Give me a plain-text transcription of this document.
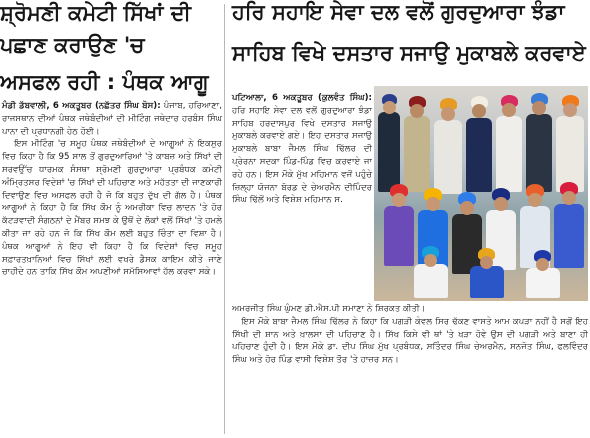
ਸ਼੍ਰੋਮਣੀ ਕਮੇਟੀ ਸਿੱਖਾਂ ਦੀ

ਪਛਾਣ ਕਰਾਉਣ 'ਚ

ਅਸਫਲ ਰਹੀ : ਪੰਥਕ ਆਗੂ

ਮੰਡੀ ਡੱਬਵਾਲੀ, 6 ਅਕਤੂਬਰ (ਨਛੱਤਰ ਸਿੰਘ ਬੋਸ): ਪੰਜਾਬ, ਹਰਿਆਣਾ, ਰਾਜਸਥਾਨ ਦੀਆਂ ਪੰਥਕ ਜਥੇਬੰਦੀਆਂ ਦੀ ਮੀਟਿੰਗ ਜਥੇਦਾਰ ਹਰਬੰਸ ਸਿੰਘ ਪਾਨਾ ਦੀ ਪ੍ਰਧਾਨਗੀ ਹੇਠ ਹੋਈ।
ਇਸ ਮੀਟਿੰਗ 'ਚ ਸਮੂਹ ਪੰਥਕ ਜਥੇਬੰਦੀਆਂ ਦੇ ਆਗੂਆਂ ਨੇ ਇਕਸੁਰ ਵਿਚ ਕਿਹਾ ਹੈ ਕਿ 95 ਸਾਲ ਤੋਂ ਗੁਰਦੁਆਰਿਆਂ 'ਤੇ ਕਾਬਜ਼ ਅਤੇ ਸਿੱਖਾਂ ਦੀ ਸਰਵਉੱਚ ਧਾਰਮਕ ਸੰਸਥਾ ਸ਼੍ਰੋਮਣੀ ਗੁਰਦੁਆਰਾ ਪ੍ਰਬੰਧਕ ਕਮੇਟੀ ਅੰਮ੍ਰਿਤਸਰ ਵਿਦੇਸ਼ਾਂ 'ਚ ਸਿੱਖਾਂ ਦੀ ਪਹਿਚਾਣ ਅਤੇ ਮਹੱਤਤਾ ਦੀ ਜਾਣਕਾਰੀ ਦਿਵਾਉਣ ਵਿਚ ਅਸਫਲ ਰਹੀ ਹੈ ਜੋ ਕਿ ਬਹੁਤ ਦੁੱਖ ਦੀ ਗੱਲ ਹੈ। ਪੰਥਕ ਆਗੂਆਂ ਨੇ ਕਿਹਾ ਹੈ ਕਿ ਸਿੱਖ ਕੌਮ ਨੂੰ ਅਮਰੀਕਾ ਵਿਚ ਲਾਦਨ 'ਤੇ ਹੋਰ ਕੱਟੜਵਾਦੀ ਸੰਗਠਨਾਂ ਦੇ ਮੈਂਬਰ ਸਮਝ ਕੇ ਉਥੋਂ ਦੇ ਲੋਕਾਂ ਵਲੋਂ ਸਿੱਖਾਂ 'ਤੇ ਹਮਲੇ ਕੀਤਾ ਜਾ ਰਹੇ ਹਨ ਜੋ ਕਿ ਸਿੱਖ ਕੌਮ ਲਈ ਬਹੁਤ ਚਿੰਤਾ ਦਾ ਵਿਸ਼ਾ ਹੈ। ਪੰਥਕ ਆਗੂਆਂ ਨੇ ਇਹ ਵੀ ਕਿਹਾ ਹੈ ਕਿ ਵਿਦੇਸ਼ਾਂ ਵਿਚ ਸਮੂਹ ਸਫ਼ਾਰਤਖ਼ਾਨਿਆਂ ਵਿਚ ਸਿੱਖਾਂ ਲਈ ਵਖਰੇ ਡੈਸਕ ਕਾਇਮ ਕੀਤੇ ਜਾਣੇ ਚਾਹੀਦੇ ਹਨ ਤਾਕਿ ਸਿੱਖ ਕੌਮ ਅਪਣੀਆਂ ਸਮੱਸਿਆਵਾਂ ਹੱਲ ਕਰਵਾ ਸਕੇ।

ਹਰਿ ਸਹਾਇ ਸੇਵਾ ਦਲ ਵਲੋਂ ਗੁਰਦੁਆਰਾ ਝੰਡਾ

ਸਾਹਿਬ ਵਿਖੇ ਦਸਤਾਰ ਸਜਾਉ ਮੁਕਾਬਲੇ ਕਰਵਾਏ

ਪਟਿਆਲਾ, 6 ਅਕਤੂਬਰ (ਕੁਲਵੰਤ ਸਿੰਘ): ਹਰਿ ਸਹਾਇ ਸੇਵਾ ਦਲ ਵਲੋਂ ਗੁਰਦੁਆਰਾ ਝੰਡਾ ਸਾਹਿਬ ਹਰਦਾਸਪੁਰ ਵਿਖੇ ਦਸਤਾਰ ਸਜਾਉ ਮੁਕਾਬਲੇ ਕਰਵਾਏ ਗਏ। ਇਹ ਦਸਤਾਰ ਸਜਾਉ ਮੁਕਾਬਲੇ ਬਾਬਾ ਜੈਮਲ ਸਿੰਘ ਢਿੱਲਰ ਦੀ ਪ੍ਰੇਰਨਾ ਸਦਕਾ ਪਿੰਡ-ਪਿੰਡ ਵਿਚ ਕਰਵਾਏ ਜਾ ਰਹੇ ਹਨ। ਇਸ ਮੌਕੇ ਮੁੱਖ ਮਹਿਮਾਨ ਵਜੋਂ ਪਹੁੰਚੇ ਜ਼ਿਲ੍ਹਾ ਯੋਜਨਾ ਬੋਰਡ ਦੇ ਚੇਅਰਮੈਨ ਦੀਪਿੰਦਰ ਸਿੰਘ ਢਿੱਲੋਂ ਅਤੇ ਵਿਸ਼ੇਸ਼ ਮਹਿਮਾਨ ਸ.
ਅਮਰਜੀਤ ਸਿੰਘ ਘੁੰਮਣ ਡੀ.ਐਸ.ਪੀ ਸਮਾਣਾ ਨੇ ਸ਼ਿਰਕਤ ਕੀਤੀ।
ਇਸ ਮੌਕੇ ਬਾਬਾ ਜੈਮਲ ਸਿੰਘ ਢਿੱਲਰ ਨੇ ਕਿਹਾ ਕਿ ਪਗੜੀ ਕੇਵਲ ਸਿਰ ਢੱਕਣ ਵਾਸਤੇ ਆਮ ਕਪੜਾ ਨਹੀਂ ਹੈ ਸਗੋਂ ਇਹ ਸਿੱਖੀ ਦੀ ਸ਼ਾਨ ਅਤੇ ਖ਼ਾਲਸਾ ਦੀ ਪਹਿਚਾਣ ਹੈ। ਸਿੱਖ ਕਿਸੇ ਵੀ ਥਾਂ 'ਤੇ ਖੜਾ ਹੋਵੇ ਉਸ ਦੀ ਪਗੜੀ ਅਤੇ ਬਾਣਾ ਹੀ ਪਹਿਚਾਣ ਹੁੰਦੀ ਹੈ। ਇਸ ਮੌਕੇ ਡਾ. ਦੀਪ ਸਿੰਘ ਮੁੱਖ ਪ੍ਰਬੰਧਕ, ਸਤਿੰਦਰ ਸਿੰਘ ਚੇਅਰਮੈਨ, ਸਨਜੋਤ ਸਿੰਘ, ਫਲਵਿੰਦਰ ਸਿੰਘ ਅਤੇ ਹੋਰ ਪਿੰਡ ਵਾਸੀ ਵਿਸ਼ੇਸ਼ ਤੌਰ 'ਤੇ ਹਾਜ਼ਰ ਸਨ।
